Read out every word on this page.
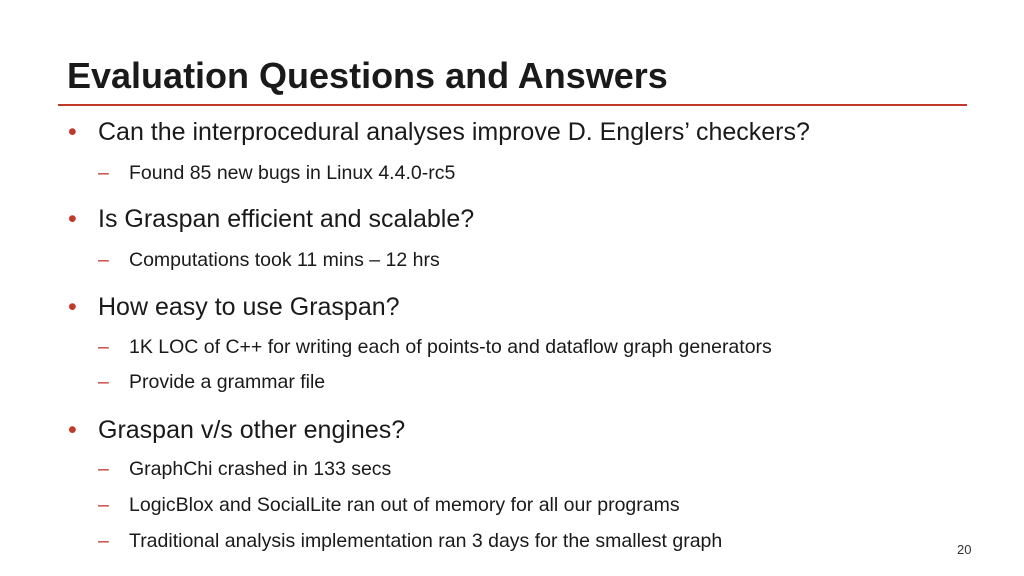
Evaluation Questions and Answers
• Can the interprocedural analyses improve D. Englers’ checkers?
– Found 85 new bugs in Linux 4.4.0-rc5
• Is Graspan efficient and scalable?
– Computations took 11 mins – 12 hrs
• How easy to use Graspan?
– 1K LOC of C++ for writing each of points-to and dataflow graph generators
– Provide a grammar file
• Graspan v/s other engines?
– GraphChi crashed in 133 secs
– LogicBlox and SocialLite ran out of memory for all our programs
– Traditional analysis implementation ran 3 days for the smallest graph	20
